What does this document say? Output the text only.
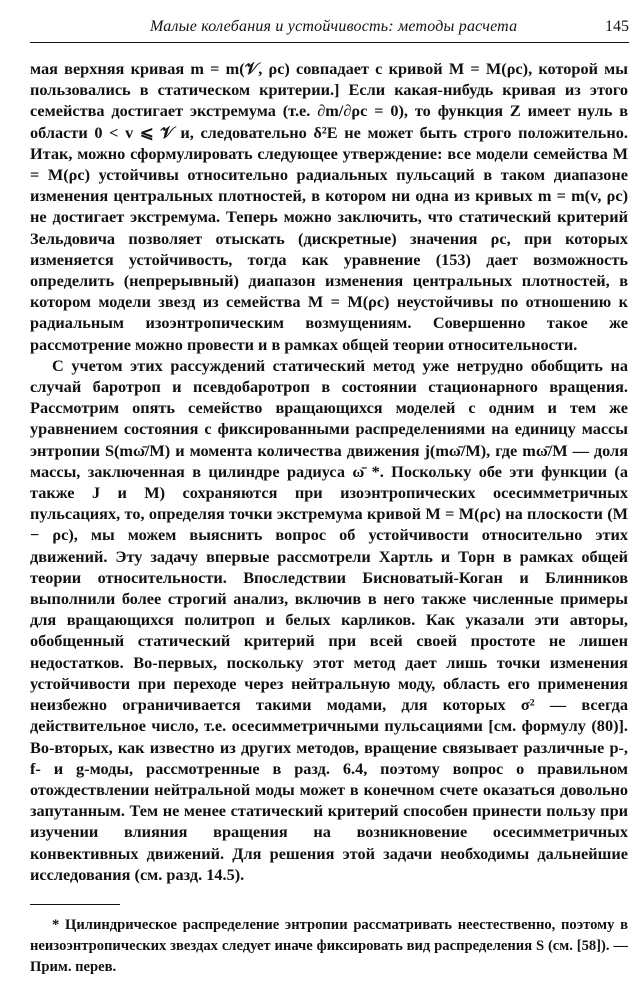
Малые колебания и устойчивость: методы расчета	145

мая верхняя кривая m = m(𝒱, ρc) совпадает с кривой M = M(ρc), которой мы пользовались в статическом критерии.] Если какая-нибудь кривая из этого семейства достигает экстремума (т.е. ∂m/∂ρc = 0), то функция Z имеет нуль в области 0 < v ⩽ 𝒱 и, следовательно δ²E не может быть строго положительно. Итак, можно сформулировать следующее утверждение: все модели семейства M = M(ρc) устойчивы относительно радиальных пульсаций в таком диапазоне изменения центральных плотностей, в котором ни одна из кривых m = m(v, ρc) не достигает экстремума. Теперь можно заключить, что статический критерий Зельдовича позволяет отыскать (дискретные) значения ρc, при которых изменяется устойчивость, тогда как уравнение (153) дает возможность определить (непрерывный) диапазон изменения центральных плотностей, в котором модели звезд из семейства M = M(ρc) неустойчивы по отношению к радиальным изоэнтропическим возмущениям. Совершенно такое же рассмотрение можно провести и в рамках общей теории относительности.

С учетом этих рассуждений статический метод уже нетрудно обобщить на случай баротроп и псевдобаротроп в состоянии стационарного вращения. Рассмотрим опять семейство вращающихся моделей с одним и тем же уравнением состояния с фиксированными распределениями на единицу массы энтропии S(mω̄/M) и момента количества движения j(mω̄/M), где mω̄/M — доля массы, заключенная в цилиндре радиуса ω̄ *. Поскольку обе эти функции (а также J и M) сохраняются при изоэнтропических осесимметричных пульсациях, то, определяя точки экстремума кривой M = M(ρc) на плоскости (M − ρc), мы можем выяснить вопрос об устойчивости относительно этих движений. Эту задачу впервые рассмотрели Хартль и Торн в рамках общей теории относительности. Впоследствии Бисноватый-Коган и Блинников выполнили более строгий анализ, включив в него также численные примеры для вращающихся политроп и белых карликов. Как указали эти авторы, обобщенный статический критерий при всей своей простоте не лишен недостатков. Во-первых, поскольку этот метод дает лишь точки изменения устойчивости при переходе через нейтральную моду, область его применения неизбежно ограничивается такими модами, для которых σ² — всегда действительное число, т.е. осесимметричными пульсациями [см. формулу (80)]. Во-вторых, как известно из других методов, вращение связывает различные p-, f- и g-моды, рассмотренные в разд. 6.4, поэтому вопрос о правильном отождествлении нейтральной моды может в конечном счете оказаться довольно запутанным. Тем не менее статический критерий способен принести пользу при изучении влияния вращения на возникновение осесимметричных конвективных движений. Для решения этой задачи необходимы дальнейшие исследования (см. разд. 14.5).

* Цилиндрическое распределение энтропии рассматривать неестественно, поэтому в неизоэнтропических звездах следует иначе фиксировать вид распределения S (см. [58]). — Прим. перев.
